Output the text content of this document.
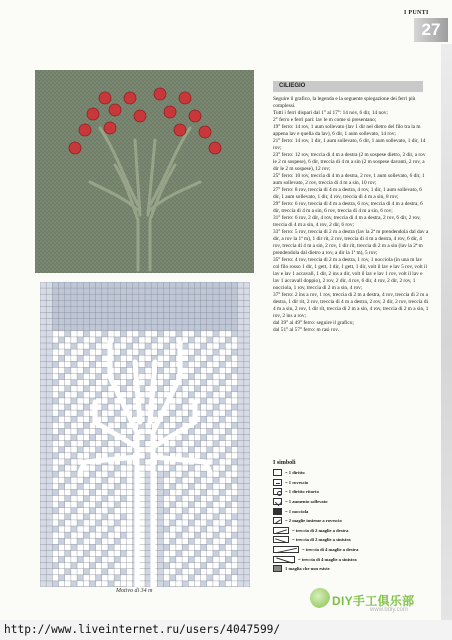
I PUNTI
27
Motivo di 34 m
CILIEGIO

Seguire il grafico, la legenda e la seguente spiegazione dei ferri più complessi.

Tutti i ferri dispari dal 1° al 17°: 14 nov, 6 dir, 14 nov;

2° ferro e ferri pari: lav le m come si presentano;

19° ferro: 14 rov, 1 aum sollevato (lav 1 dir nel dietro del filo tra la m appena lav e quella da lav), 6 dir, 1 aum sollevato, 14 rov;

21° ferro: 14 rov, 1 dir, 1 aum sollevato, 6 dir, 1 aum sollevato, 1 dir, 14 rov;

23° ferro: 12 rov, treccia di 4 m a destra (2 m sospese dietro, 2 dir, a rov le 2 m sospese), 6 dir, treccia di 4 m a sin (2 m sospese davanti, 2 rov, a dir le 2 m sospese), 12 rov;

25° ferro: 10 rov, treccia di 4 m a destra, 2 rov, 1 aum sollevato, 6 dir, 1 aum sollevato, 2 rov, treccia di 4 m a sin, 10 rov;

27° ferro: 8 rov, treccia di 4 m a destra, 4 rov, 1 dir, 1 aum sollevato, 6 dir, 1 aum sollevato, 1 dir, 4 rov, treccia di 4 m a sin, 8 rov;

29° ferro: 6 rov, treccia di 4 m a destra, 6 rov, treccia di 4 m a destra, 6 dir, treccia di 4 m a sin, 6 rov, treccia di 4 m a sin, 6 rov;

31° ferro: 6 rov, 2 dir, 4 rov, treccia di 4 m a destra, 2 rov, 6 dir, 2 rov, treccia di 4 m a sin, 4 rov, 2 dir, 6 rov;

33° ferro: 5 rov, treccia di 2 m a destra (lav la 2ª m prendendola dal dav a dir, a rov la 1ª m), 1 dir rit, 2 rov, treccia di 4 m a destra, 4 rov, 6 dir, 4 rov, treccia di 4 m a sin, 2 rov, 1 dir rit, treccia di 2 m a sin (lav la 2ª m prendendola dal dietro a rov, a dir la 1ª m), 5 rov;

35° ferro: 4 rov, treccia di 2 m a destra, 1 rov, 1 nocciola (in una m lav col filo rosso 1 dir, 1 gett, 1 dir, 1 gett, 1 dir, volt il lav e lav 5 rov, volt il lav e lav 1 accavall, 1 dir, 2 ins a dir, volt il lav e lav 1 rov, volt il lav e lav 1 accavall doppio), 2 rov, 2 dir, 4 rov, 6 dir, 4 rov, 2 dir, 2 rov, 1 nocciola, 1 rov, treccia di 2 m a sin, 4 rov;

37° ferro: 2 ins a rov, 1 rov, treccia di 2 m a destra, 4 rov, treccia di 2 m a destra, 1 dir rit, 2 rov, treccia di 4 m a destra, 2 rov, 2 dir, 2 rov, treccia di 4 m a sin, 2 rov, 1 dir rit, treccia di 2 m a sin, 4 rov, treccia di 2 m a sin, 1 rov, 2 ins a rov;

dal 39° al 49° ferro: seguire il grafico;

dal 51° al 57° ferro: m rasi rov.

I simboli
= 1 diritto
= 1 rovescio
= 1 diritto ritorto
= 1 aumento sollevato
= 1 nocciola
= 2 maglie insieme a rovescio
= treccia di 2 maglie a destra
= treccia di 2 maglie a sinistra
= treccia di 4 maglie a destra
= treccia di 4 maglie a sinistra
1 maglia che non esiste
DIY手工俱乐部
www.bdiy.com
http://www.liveinternet.ru/users/4047599/
